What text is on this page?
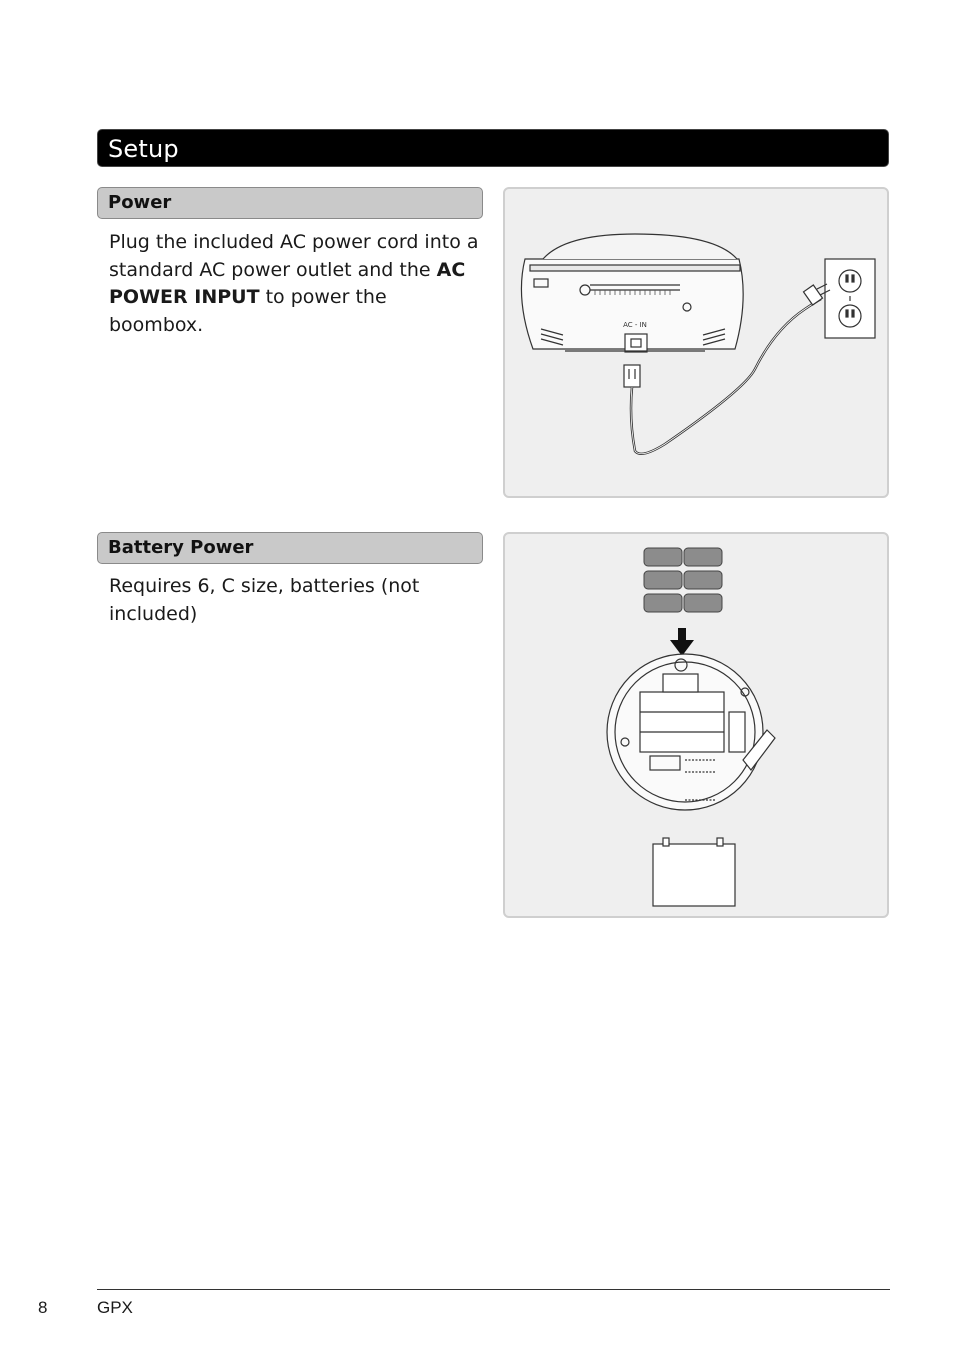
Setup
Power
Plug the included AC power cord into a standard AC power outlet and the AC POWER INPUT to power the boombox.	AC - IN
Battery Power
Requires 6, C size, batteries (not included)
8	GPX
